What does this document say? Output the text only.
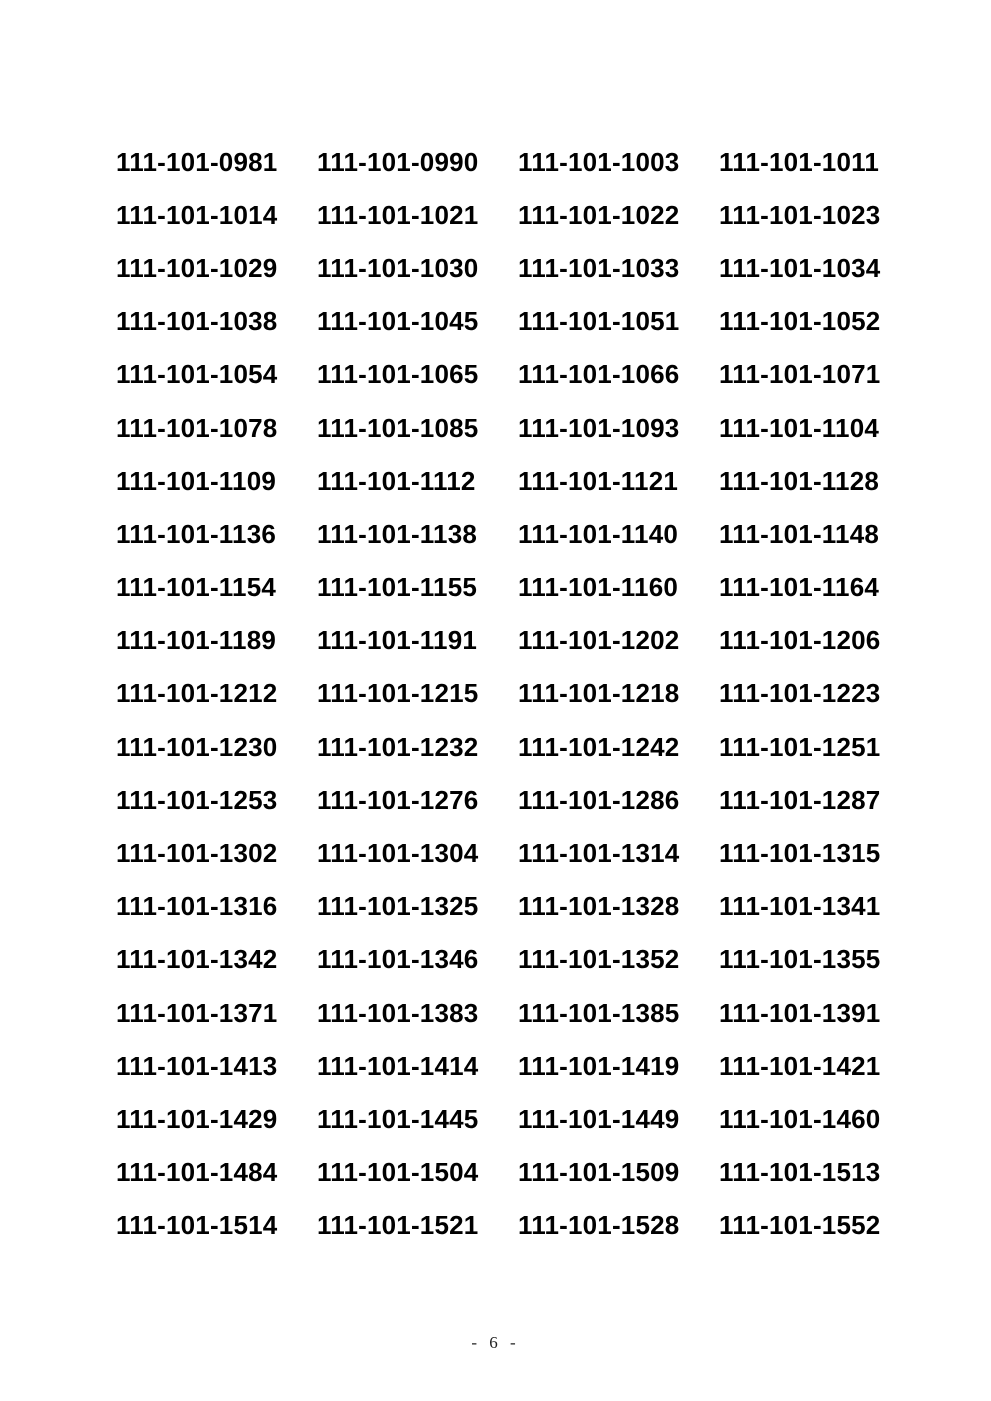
111-101-0981	111-101-0990	111-101-1003	111-101-1011
111-101-1014	111-101-1021	111-101-1022	111-101-1023
111-101-1029	111-101-1030	111-101-1033	111-101-1034
111-101-1038	111-101-1045	111-101-1051	111-101-1052
111-101-1054	111-101-1065	111-101-1066	111-101-1071
111-101-1078	111-101-1085	111-101-1093	111-101-1104
111-101-1109	111-101-1112	111-101-1121	111-101-1128
111-101-1136	111-101-1138	111-101-1140	111-101-1148
111-101-1154	111-101-1155	111-101-1160	111-101-1164
111-101-1189	111-101-1191	111-101-1202	111-101-1206
111-101-1212	111-101-1215	111-101-1218	111-101-1223
111-101-1230	111-101-1232	111-101-1242	111-101-1251
111-101-1253	111-101-1276	111-101-1286	111-101-1287
111-101-1302	111-101-1304	111-101-1314	111-101-1315
111-101-1316	111-101-1325	111-101-1328	111-101-1341
111-101-1342	111-101-1346	111-101-1352	111-101-1355
111-101-1371	111-101-1383	111-101-1385	111-101-1391
111-101-1413	111-101-1414	111-101-1419	111-101-1421
111-101-1429	111-101-1445	111-101-1449	111-101-1460
111-101-1484	111-101-1504	111-101-1509	111-101-1513
111-101-1514	111-101-1521	111-101-1528	111-101-1552
- 6 -
